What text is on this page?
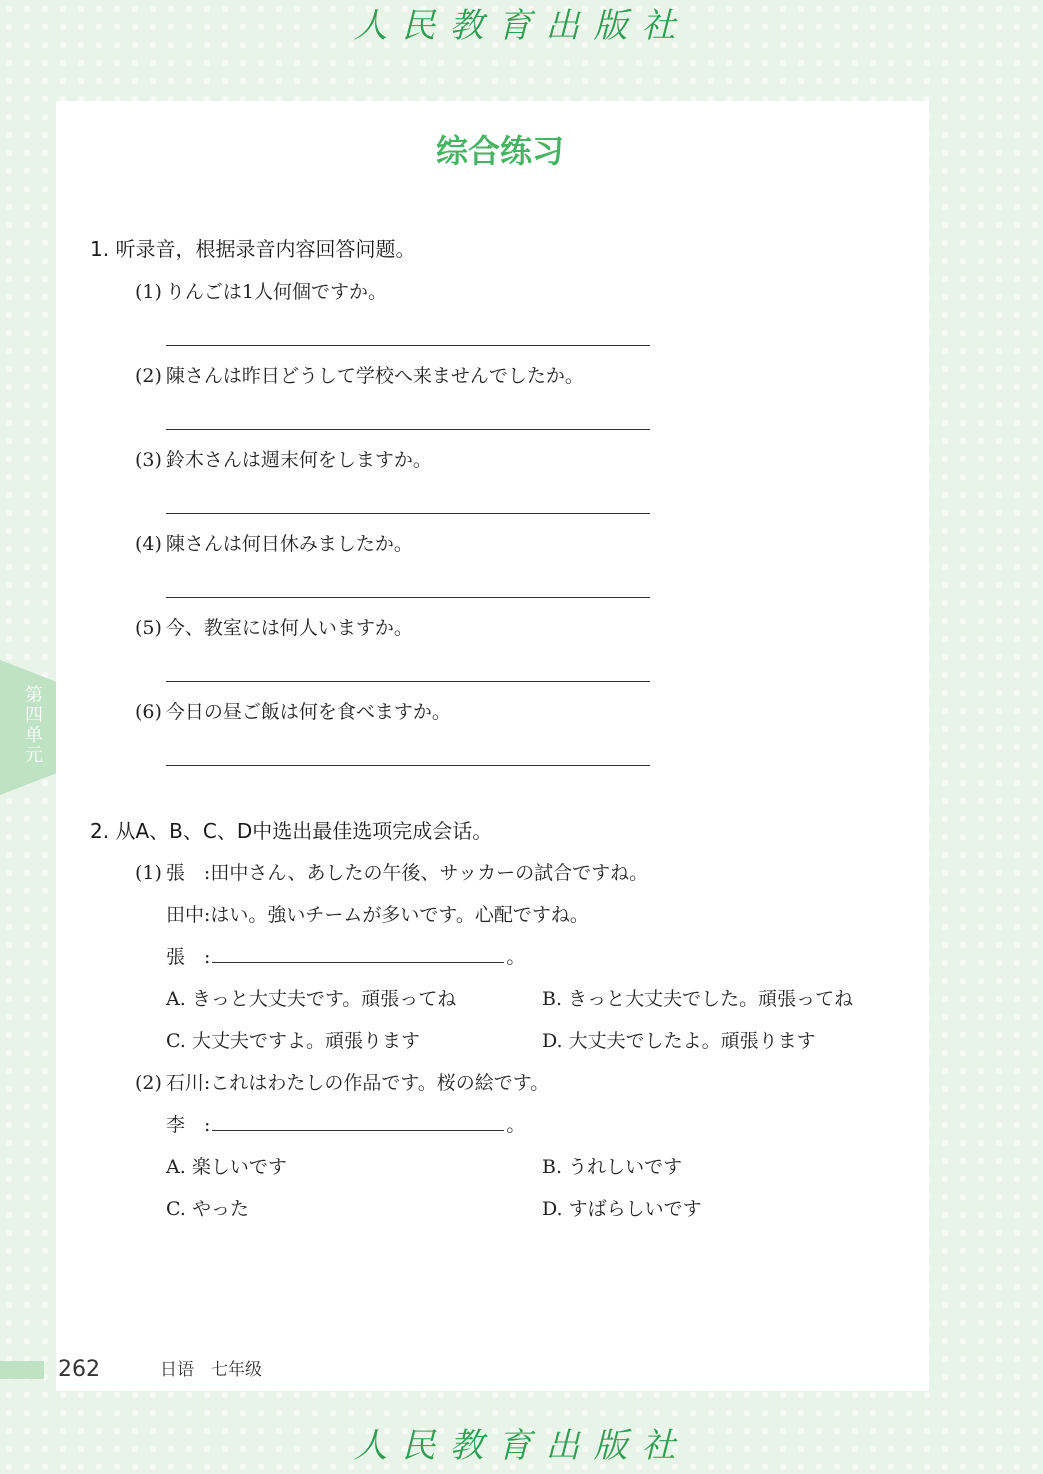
人民教育出版社
第四单元
综合练习
1. 听录音，根据录音内容回答问题。
(1) りんごは1人何個ですか。
(2) 陳さんは昨日どうして学校へ来ませんでしたか。
(3) 鈴木さんは週末何をしますか。
(4) 陳さんは何日休みましたか。
(5) 今、教室には何人いますか。
(6) 今日の昼ご飯は何を食べますか。
2. 从A、B、C、D中选出最佳选项完成会话。
(1) 張　:田中さん、あしたの午後、サッカーの試合ですね。
田中:はい。強いチームが多いです。心配ですね。
張　:	。
A. きっと大丈夫です。頑張ってね	B. きっと大丈夫でした。頑張ってね
C. 大丈夫ですよ。頑張ります	D. 大丈夫でしたよ。頑張ります
(2) 石川:これはわたしの作品です。桜の絵です。
李　:	。
A. 楽しいです	B. うれしいです
C. やった	D. すばらしいです
262	日语　七年级
人民教育出版社
